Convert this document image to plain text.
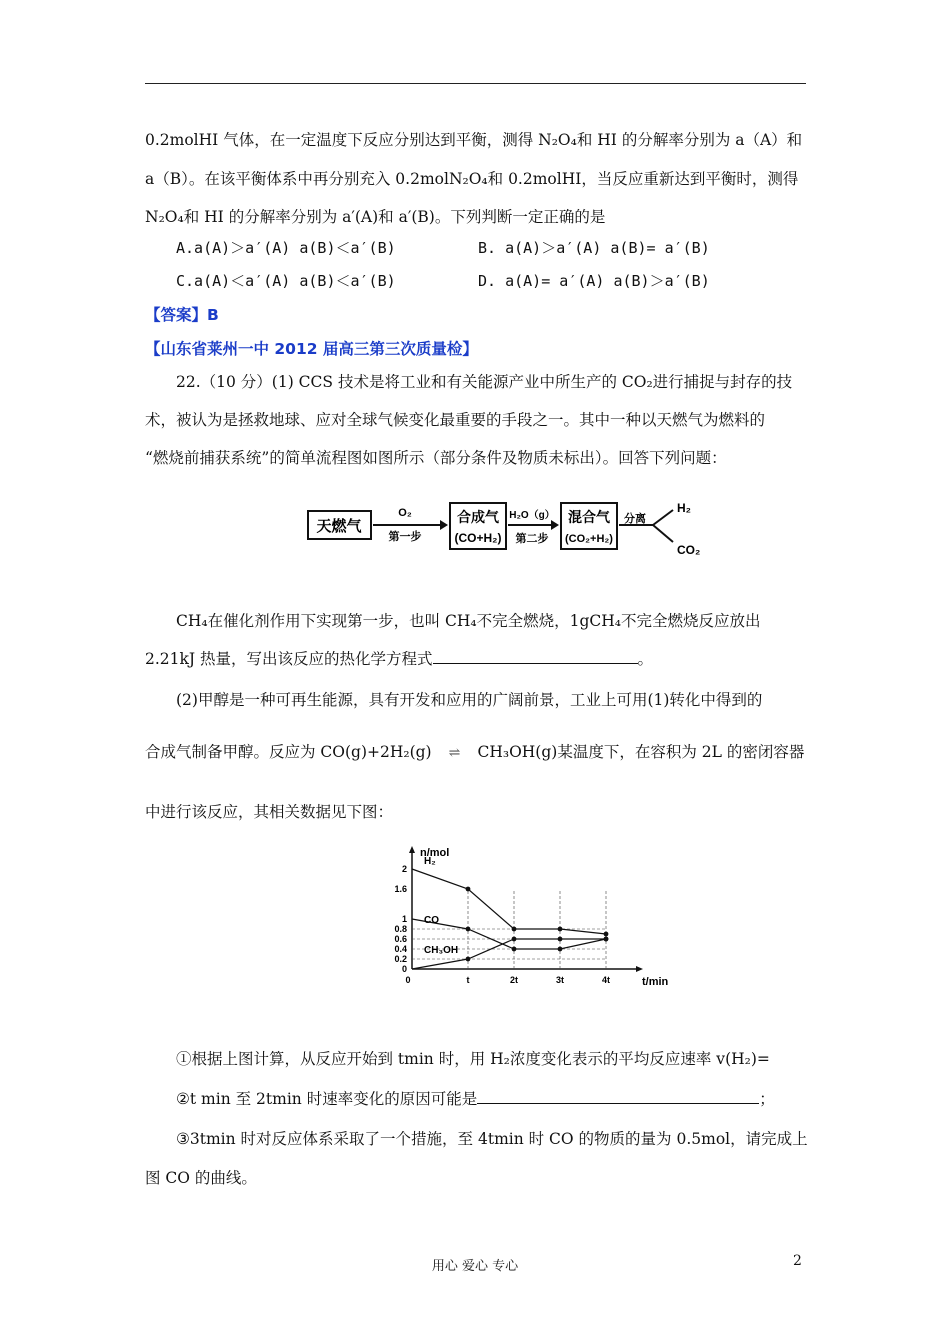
0.2molHI 气体，在一定温度下反应分别达到平衡，测得 N₂O₄和 HI 的分解率分别为 a（A）和
a（B）。在该平衡体系中再分别充入 0.2molN₂O₄和 0.2molHI，当反应重新达到平衡时，测得
N₂O₄和 HI 的分解率分别为 a′(A)和 a′(B)。下列判断一定正确的是
A.a(A)＞a′(A) a(B)＜a′(B)	B. a(A)＞a′(A) a(B)= a′(B)
C.a(A)＜a′(A) a(B)＜a′(B)	D. a(A)= a′(A) a(B)＞a′(B)
【答案】B
【山东省莱州一中 2012 届高三第三次质量检】
22.（10 分）(1) CCS 技术是将工业和有关能源产业中所生产的 CO₂进行捕捉与封存的技
术，被认为是拯救地球、应对全球气候变化最重要的手段之一。其中一种以天燃气为燃料的
“燃烧前捕获系统”的简单流程图如图所示（部分条件及物质未标出）。回答下列问题：
天燃气
O₂
第一步
合成气
(CO+H₂)
H₂O（g）
第二步
混合气
(CO₂+H₂)
分离
H₂
CO₂
CH₄在催化剂作用下实现第一步，也叫 CH₄不完全燃烧，1gCH₄不完全燃烧反应放出
2.21kJ 热量，写出该反应的热化学方程式	。
(2)甲醇是一种可再生能源，具有开发和应用的广阔前景，工业上可用(1)转化中得到的
合成气制备甲醇。反应为 CO(g)+2H₂(g) ⇌ CH₃OH(g)某温度下，在容积为 2L 的密闭容器
中进行该反应，其相关数据见下图：
n/mol
t/min
0
0.2
0.4
0.6
0.8
1
1.6
2
0	t	2t	3t	4t
H₂
CO
CH₃OH
①根据上图计算，从反应开始到 tmin 时，用 H₂浓度变化表示的平均反应速率 v(H₂)=
②t min 至 2tmin 时速率变化的原因可能是	；
③3tmin 时对反应体系采取了一个措施，至 4tmin 时 CO 的物质的量为 0.5mol，请完成上
图 CO 的曲线。
用心 爱心 专心	2
